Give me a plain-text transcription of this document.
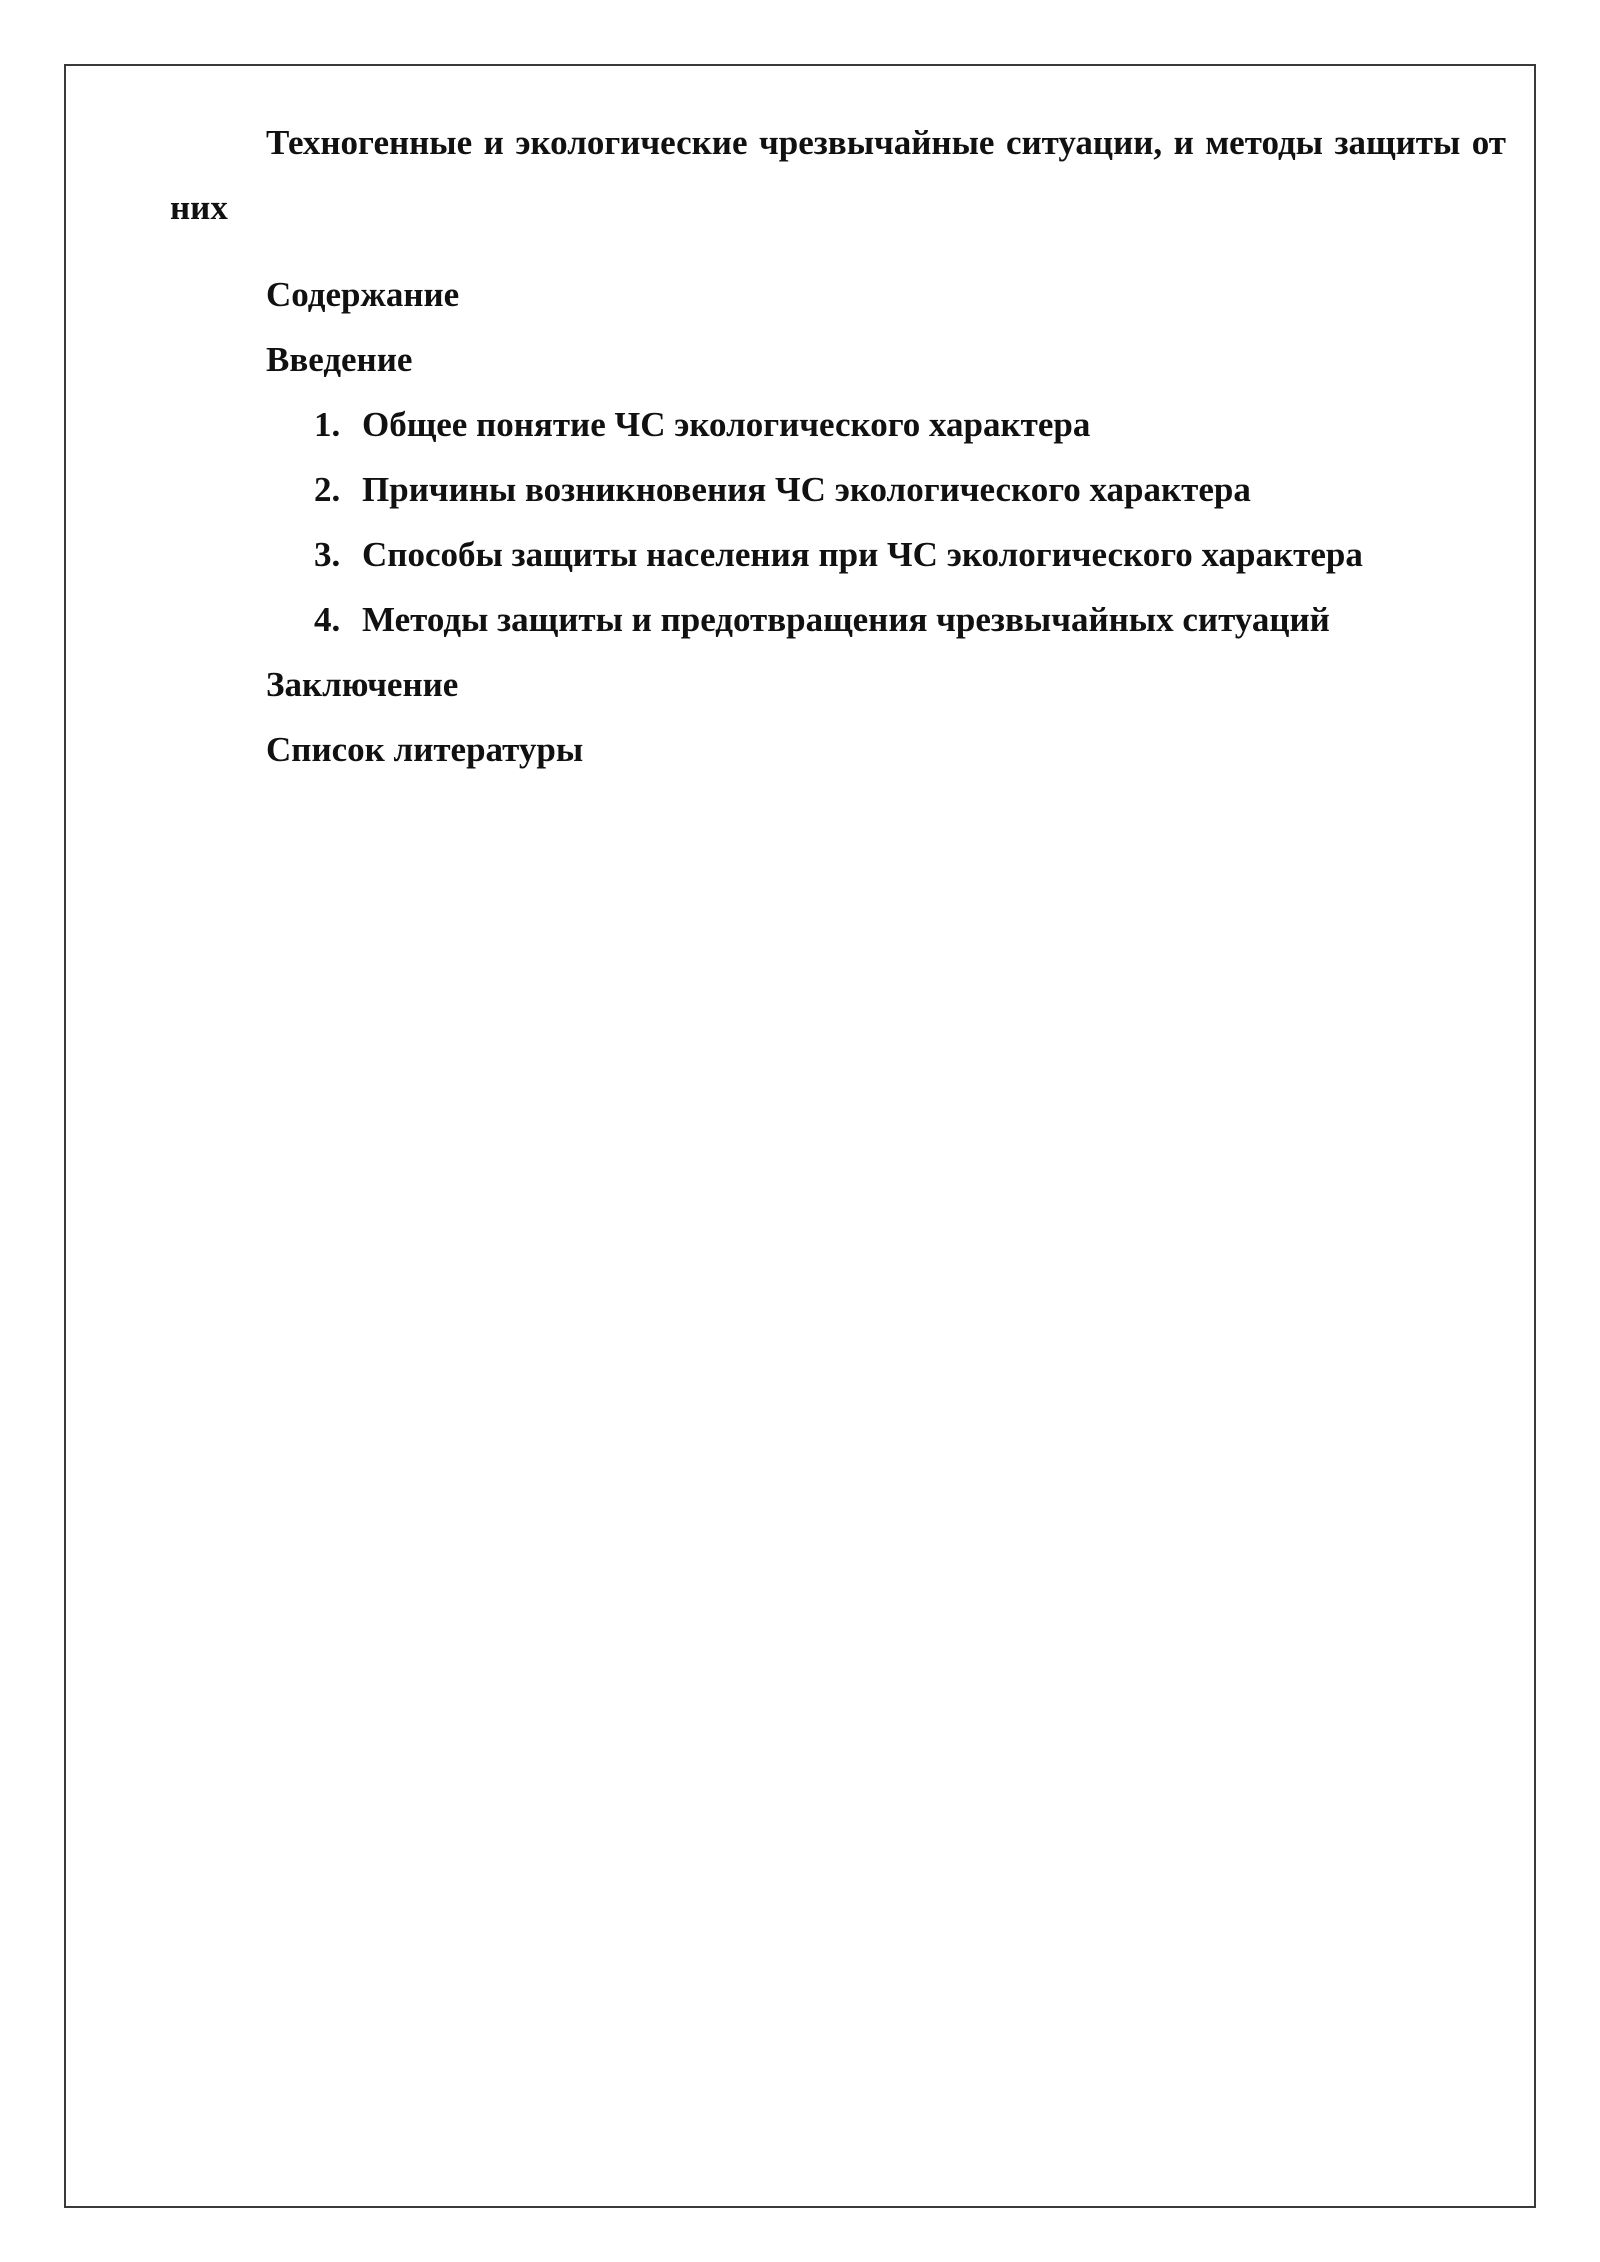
Техногенные и экологические чрезвычайные ситуации, и методы защиты от них

Содержание
Введение
1. Общее понятие ЧС экологического характера
2. Причины возникновения ЧС экологического характера
3. Способы защиты населения при ЧС экологического характера
4. Методы защиты и предотвращения чрезвычайных ситуаций
Заключение
Список литературы
